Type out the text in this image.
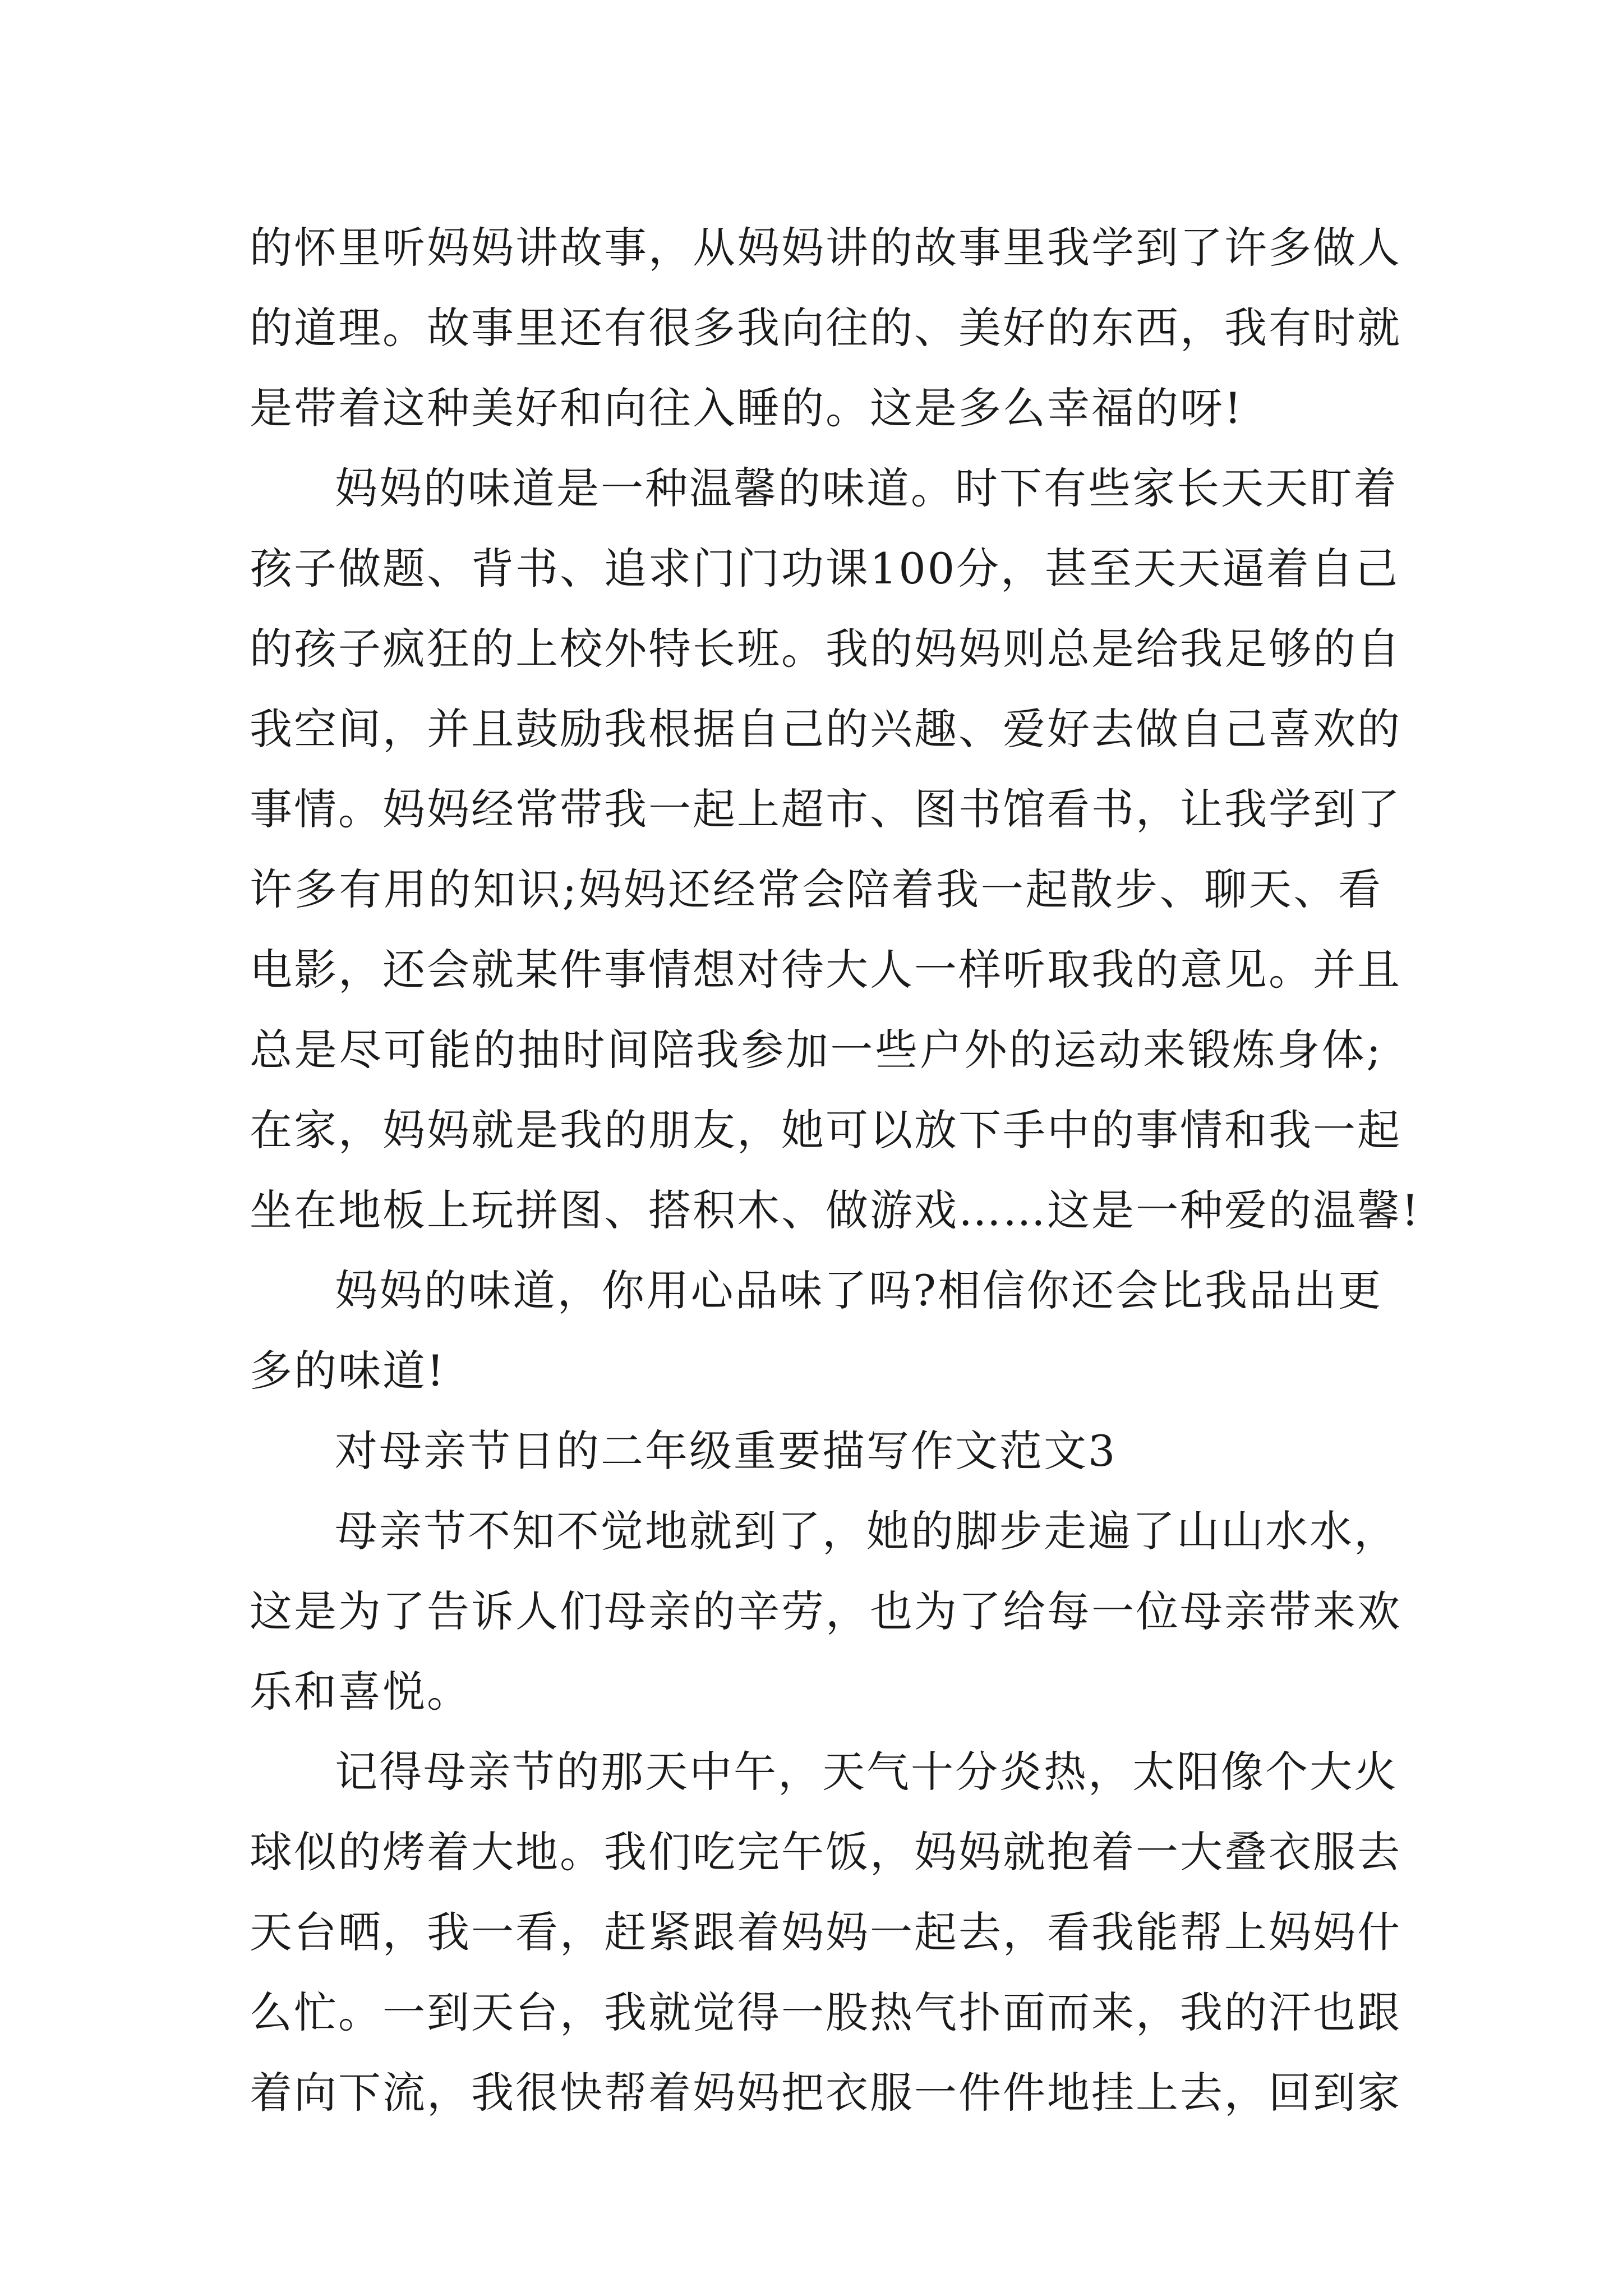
的怀里听妈妈讲故事，从妈妈讲的故事里我学到了许多做人
的道理。故事里还有很多我向往的、美好的东西，我有时就
是带着这种美好和向往入睡的。这是多么幸福的呀!
妈妈的味道是一种温馨的味道。时下有些家长天天盯着
孩子做题、背书、追求门门功课100分，甚至天天逼着自己
的孩子疯狂的上校外特长班。我的妈妈则总是给我足够的自
我空间，并且鼓励我根据自己的兴趣、爱好去做自己喜欢的
事情。妈妈经常带我一起上超市、图书馆看书，让我学到了
许多有用的知识;妈妈还经常会陪着我一起散步、聊天、看
电影，还会就某件事情想对待大人一样听取我的意见。并且
总是尽可能的抽时间陪我参加一些户外的运动来锻炼身体;
在家，妈妈就是我的朋友，她可以放下手中的事情和我一起
坐在地板上玩拼图、搭积木、做游戏……这是一种爱的温馨!
妈妈的味道，你用心品味了吗?相信你还会比我品出更
多的味道!
对母亲节日的二年级重要描写作文范文3
母亲节不知不觉地就到了，她的脚步走遍了山山水水，
这是为了告诉人们母亲的辛劳，也为了给每一位母亲带来欢
乐和喜悦。
记得母亲节的那天中午，天气十分炎热，太阳像个大火
球似的烤着大地。我们吃完午饭，妈妈就抱着一大叠衣服去
天台晒，我一看，赶紧跟着妈妈一起去，看我能帮上妈妈什
么忙。一到天台，我就觉得一股热气扑面而来，我的汗也跟
着向下流，我很快帮着妈妈把衣服一件件地挂上去，回到家
